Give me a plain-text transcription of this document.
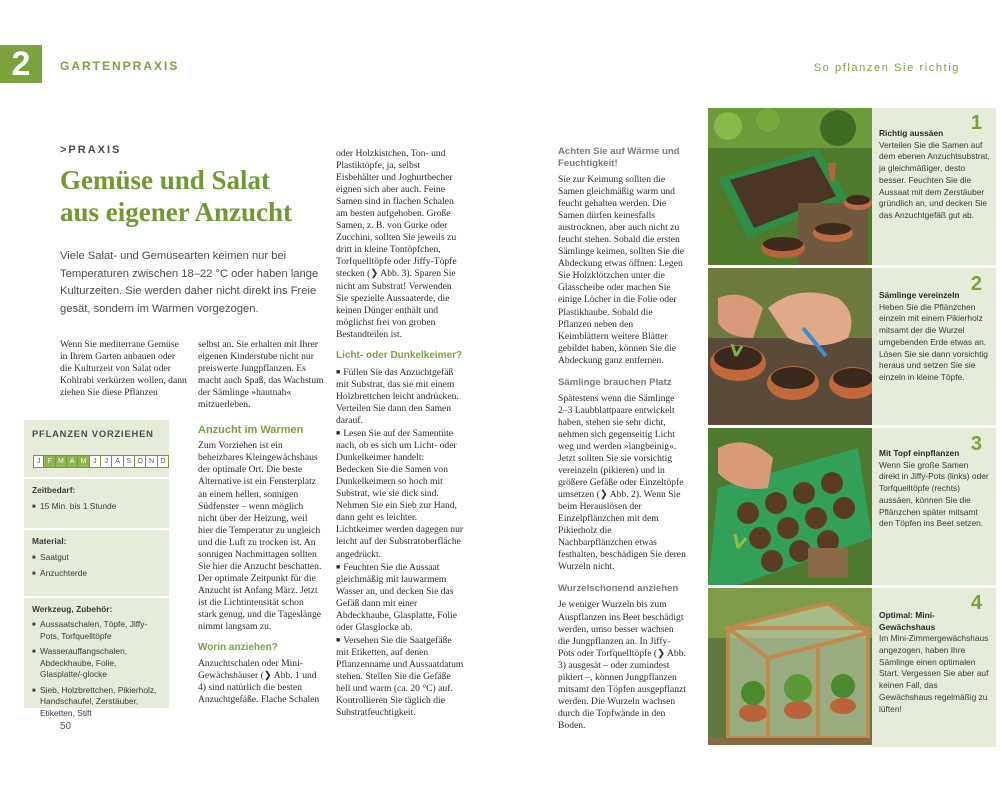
2	GARTENPRAXIS	So pflanzen Sie richtig
>PRAXIS
Gemüse und Salat
aus eigener Anzucht

Viele Salat- und Gemüsearten keimen nur bei Temperaturen zwischen 18–22 °C oder haben lange Kulturzeiten. Sie werden daher nicht direkt ins Freie gesät, sondern im Warmen vorgezogen.

Wenn Sie mediterrane Gemüse in Ihrem Garten anbauen oder die Kulturzeit von Salat oder Kohlrabi verkürzen wollen, dann ziehen Sie diese Pflanzen

selbst an. Sie erhalten mit Ihrer eigenen Kinderstube nicht nur preiswerte Jungpflanzen. Es macht auch Spaß, das Wachstum der Sämlinge »hautnah« mitzuerleben.

Anzucht im Warmen

Zum Vorziehen ist ein beheizbares Kleingewächshaus der optimale Ort. Die beste Alternative ist ein Fensterplatz an einem hellen, sonnigen Südfenster – wenn möglich nicht über der Heizung, weil hier die Temperatur zu ungleich und die Luft zu trocken ist. An sonnigen Nachmittagen sollten Sie hier die Anzucht beschatten. Der optimale Zeitpunkt für die Anzucht ist Anfang März. Jetzt ist die Lichtintensität schon stark genug, und die Tageslänge nimmt langsam zu.

Worin anziehen?

Anzuchtschalen oder Mini-Gewächshäuser (❯ Abb. 1 und 4) sind natürlich die besten Anzuchtgefäße. Flache Schalen

oder Holzkistchen, Ton- und Plastiktöpfe, ja, selbst Eisbehälter und Joghurtbecher eignen sich aber auch. Feine Samen sind in flachen Schalen am besten aufgehoben. Große Samen, z. B. von Gurke oder Zucchini, sollten Sie jeweils zu dritt in kleine Tontöpfchen, Torfquelltöpfe oder Jiffy-Töpfe stecken (❯ Abb. 3). Sparen Sie nicht am Substrat! Verwenden Sie spezielle Aussaaterde, die keinen Dünger enthält und möglichst frei von groben Bestandteilen ist.

Licht- oder Dunkelkeimer?

■ Füllen Sie das Anzuchtgefäß mit Substrat, das sie mit einem Holzbrettchen leicht andrücken. Verteilen Sie dann den Samen darauf.

■ Lesen Sie auf der Samentüte nach, ob es sich um Licht- oder Dunkelkeimer handelt: Bedecken Sie die Samen von Dunkelkeimern so hoch mit Substrat, wie sie dick sind. Nehmen Sie ein Sieb zur Hand, dann geht es leichter. Lichtkeimer werden dagegen nur leicht auf der Substratoberfläche angedrückt.

■ Feuchten Sie die Aussaat gleichmäßig mit lauwarmem Wasser an, und decken Sie das Gefäß dann mit einer Abdeckhaube, Glasplatte, Folie oder Glasglocke ab.

■ Versehen Sie die Saatgefäße mit Etiketten, auf denen Pflanzenname und Aussaatdatum stehen. Stellen Sie die Gefäße hell und warm (ca. 20 °C) auf. Kontrollieren Sie täglich die Substratfeuchtigkeit.

Achten Sie auf Wärme und Feuchtigkeit!

Sie zur Keimung sollten die Samen gleichmäßig warm und feucht gehalten werden. Die Samen dürfen keinesfalls austrocknen, aber auch nicht zu feucht stehen. Sobald die ersten Sämlinge keimen, sollten Sie die Abdeckung etwas öffnen: Legen Sie Holzklötzchen unter die Glasscheibe oder machen Sie einige Löcher in die Folie oder Plastikhaube. Sobald die Pflanzen neben den Keimblättern weitere Blätter gebildet haben, können Sie die Abdeckung ganz entfernen.

Sämlinge brauchen Platz

Spätestens wenn die Sämlinge 2–3 Laubblattpaare entwickelt haben, stehen sie sehr dicht, nehmen sich gegenseitig Licht weg und werden »langbeinig«. Jetzt sollten Sie sie vorsichtig vereinzeln (pikieren) und in größere Gefäße oder Einzeltöpfe umsetzen (❯ Abb. 2). Wenn Sie beim Herauslösen der Einzelpflänzchen mit dem Pikierholz die Nachbarpflänzchen etwas festhalten, beschädigen Sie deren Wurzeln nicht.

Wurzelschonend anziehen

Je weniger Wurzeln bis zum Auspflanzen ins Beet beschädigt werden, umso besser wachsen die Jungpflanzen an. In Jiffy-Pots oder Torfquelltöpfe (❯ Abb. 3) ausgesät – oder zumindest pikiert –, können Jungpflanzen mitsamt den Töpfen ausgepflanzt werden. Die Wurzeln wachsen durch die Topfwände in den Boden.

PFLANZEN VORZIEHEN
J F M A M J	J	A S O N D
Zeitbedarf:
■ 15 Min. bis 1 Stunde
Material:
■ Saatgut
■ Anzuchterde
Werkzeug, Zubehör:
■ Aussaatschalen, Töpfe, Jiffy-Pots, Torfquelltöpfe
■ Wasserauffangschalen, Abdeckhaube, Folie, Glasplatte/-glocke
■ Sieb, Holzbrettchen, Pikierholz, Handschaufel, Zerstäuber, Etiketten, Stift
50
1
Richtig aussäen
Verteilen Sie die Samen auf dem ebenen Anzuchtsubstrat, ja gleichmäßiger, desto besser. Feuchten Sie die Aussaat mit dem Zerstäuber gründlich an, und decken Sie das Anzuchtgefäß gut ab.
2
Sämlinge vereinzeln
Heben Sie die Pflänzchen einzeln mit einem Pikierholz mitsamt der die Wurzel umgebenden Erde etwas an. Lösen Sie sie dann vorsichtig heraus und setzen Sie sie einzeln in kleine Töpfe.
3
Mit Topf einpflanzen
Wenn Sie große Samen direkt in Jiffy-Pots (links) oder Torfquelltöpfe (rechts) aussäen, können Sie die Pflänzchen später mitsamt den Töpfen ins Beet setzen.
4
Optimal: Mini-Gewächshaus
Im Mini-Zimmergewächshaus angezogen, haben Ihre Sämlinge einen optimalen Start. Vergessen Sie aber auf keinen Fall, das Gewächshaus regelmäßig zu lüften!
